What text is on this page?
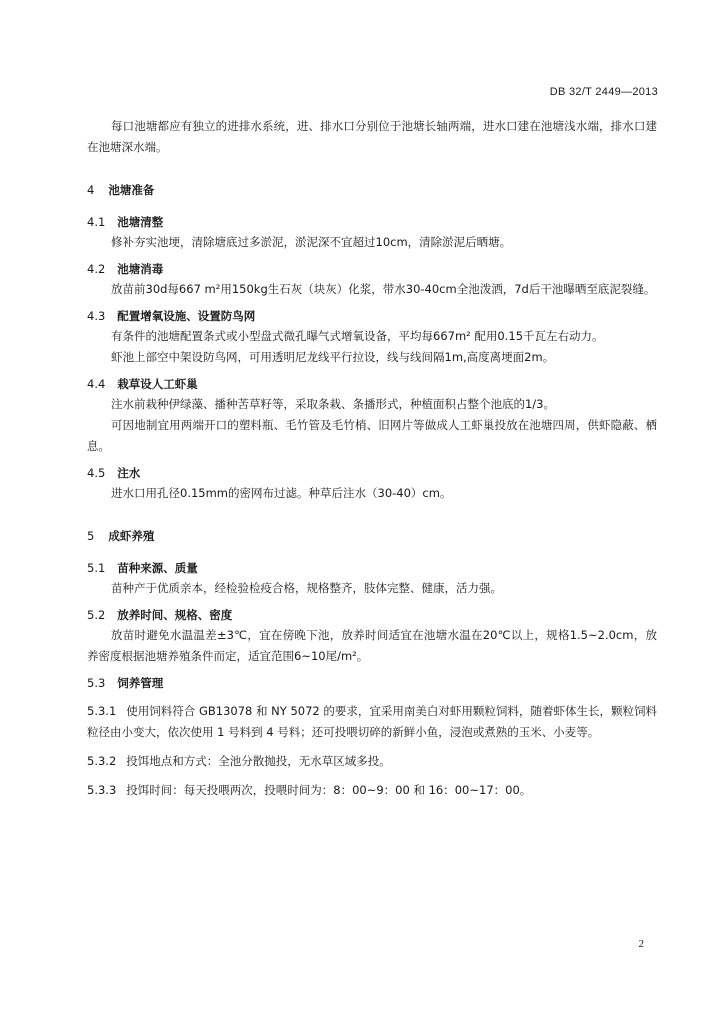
DB 32/T 2449—2013

每口池塘都应有独立的进排水系统，进、排水口分别位于池塘长轴两端，进水口建在池塘浅水端，排水口建在池塘深水端。

4 池塘准备
4.1 池塘清整

修补夯实池埂，清除塘底过多淤泥，淤泥深不宜超过10cm，清除淤泥后晒塘。

4.2 池塘消毒

放苗前30d每667 m²用150kg生石灰（块灰）化浆，带水30-40cm全池泼洒，7d后干池曝晒至底泥裂缝。

4.3 配置增氧设施、设置防鸟网

有条件的池塘配置条式或小型盘式微孔曝气式增氧设备，平均每667m² 配用0.15千瓦左右动力。

虾池上部空中架设防鸟网，可用透明尼龙线平行拉设，线与线间隔1m,高度离埂面2m。

4.4 栽草设人工虾巢

注水前栽种伊绿藻、播种苦草籽等，采取条栽、条播形式，种植面积占整个池底的1/3。

可因地制宜用两端开口的塑料瓶、毛竹管及毛竹梢、旧网片等做成人工虾巢投放在池塘四周，供虾隐蔽、栖息。

4.5 注水

进水口用孔径0.15mm的密网布过滤。种草后注水（30-40）cm。

5 成虾养殖
5.1 苗种来源、质量

苗种产于优质亲本，经检验检疫合格，规格整齐，肢体完整、健康，活力强。

5.2 放养时间、规格、密度

放苗时避免水温温差±3℃，宜在傍晚下池，放养时间适宜在池塘水温在20℃以上，规格1.5~2.0cm，放养密度根据池塘养殖条件而定，适宜范围6~10尾/m²。

5.3 饲养管理

5.3.1 使用饲料符合 GB13078 和 NY 5072 的要求，宜采用南美白对虾用颗粒饲料，随着虾体生长，颗粒饲料粒径由小变大，依次使用 1 号料到 4 号料；还可投喂切碎的新鲜小鱼，浸泡或煮熟的玉米、小麦等。

5.3.2 投饵地点和方式：全池分散抛投，无水草区域多投。

5.3.3 投饵时间：每天投喂两次，投喂时间为：8：00~9：00 和 16：00~17：00。

2
